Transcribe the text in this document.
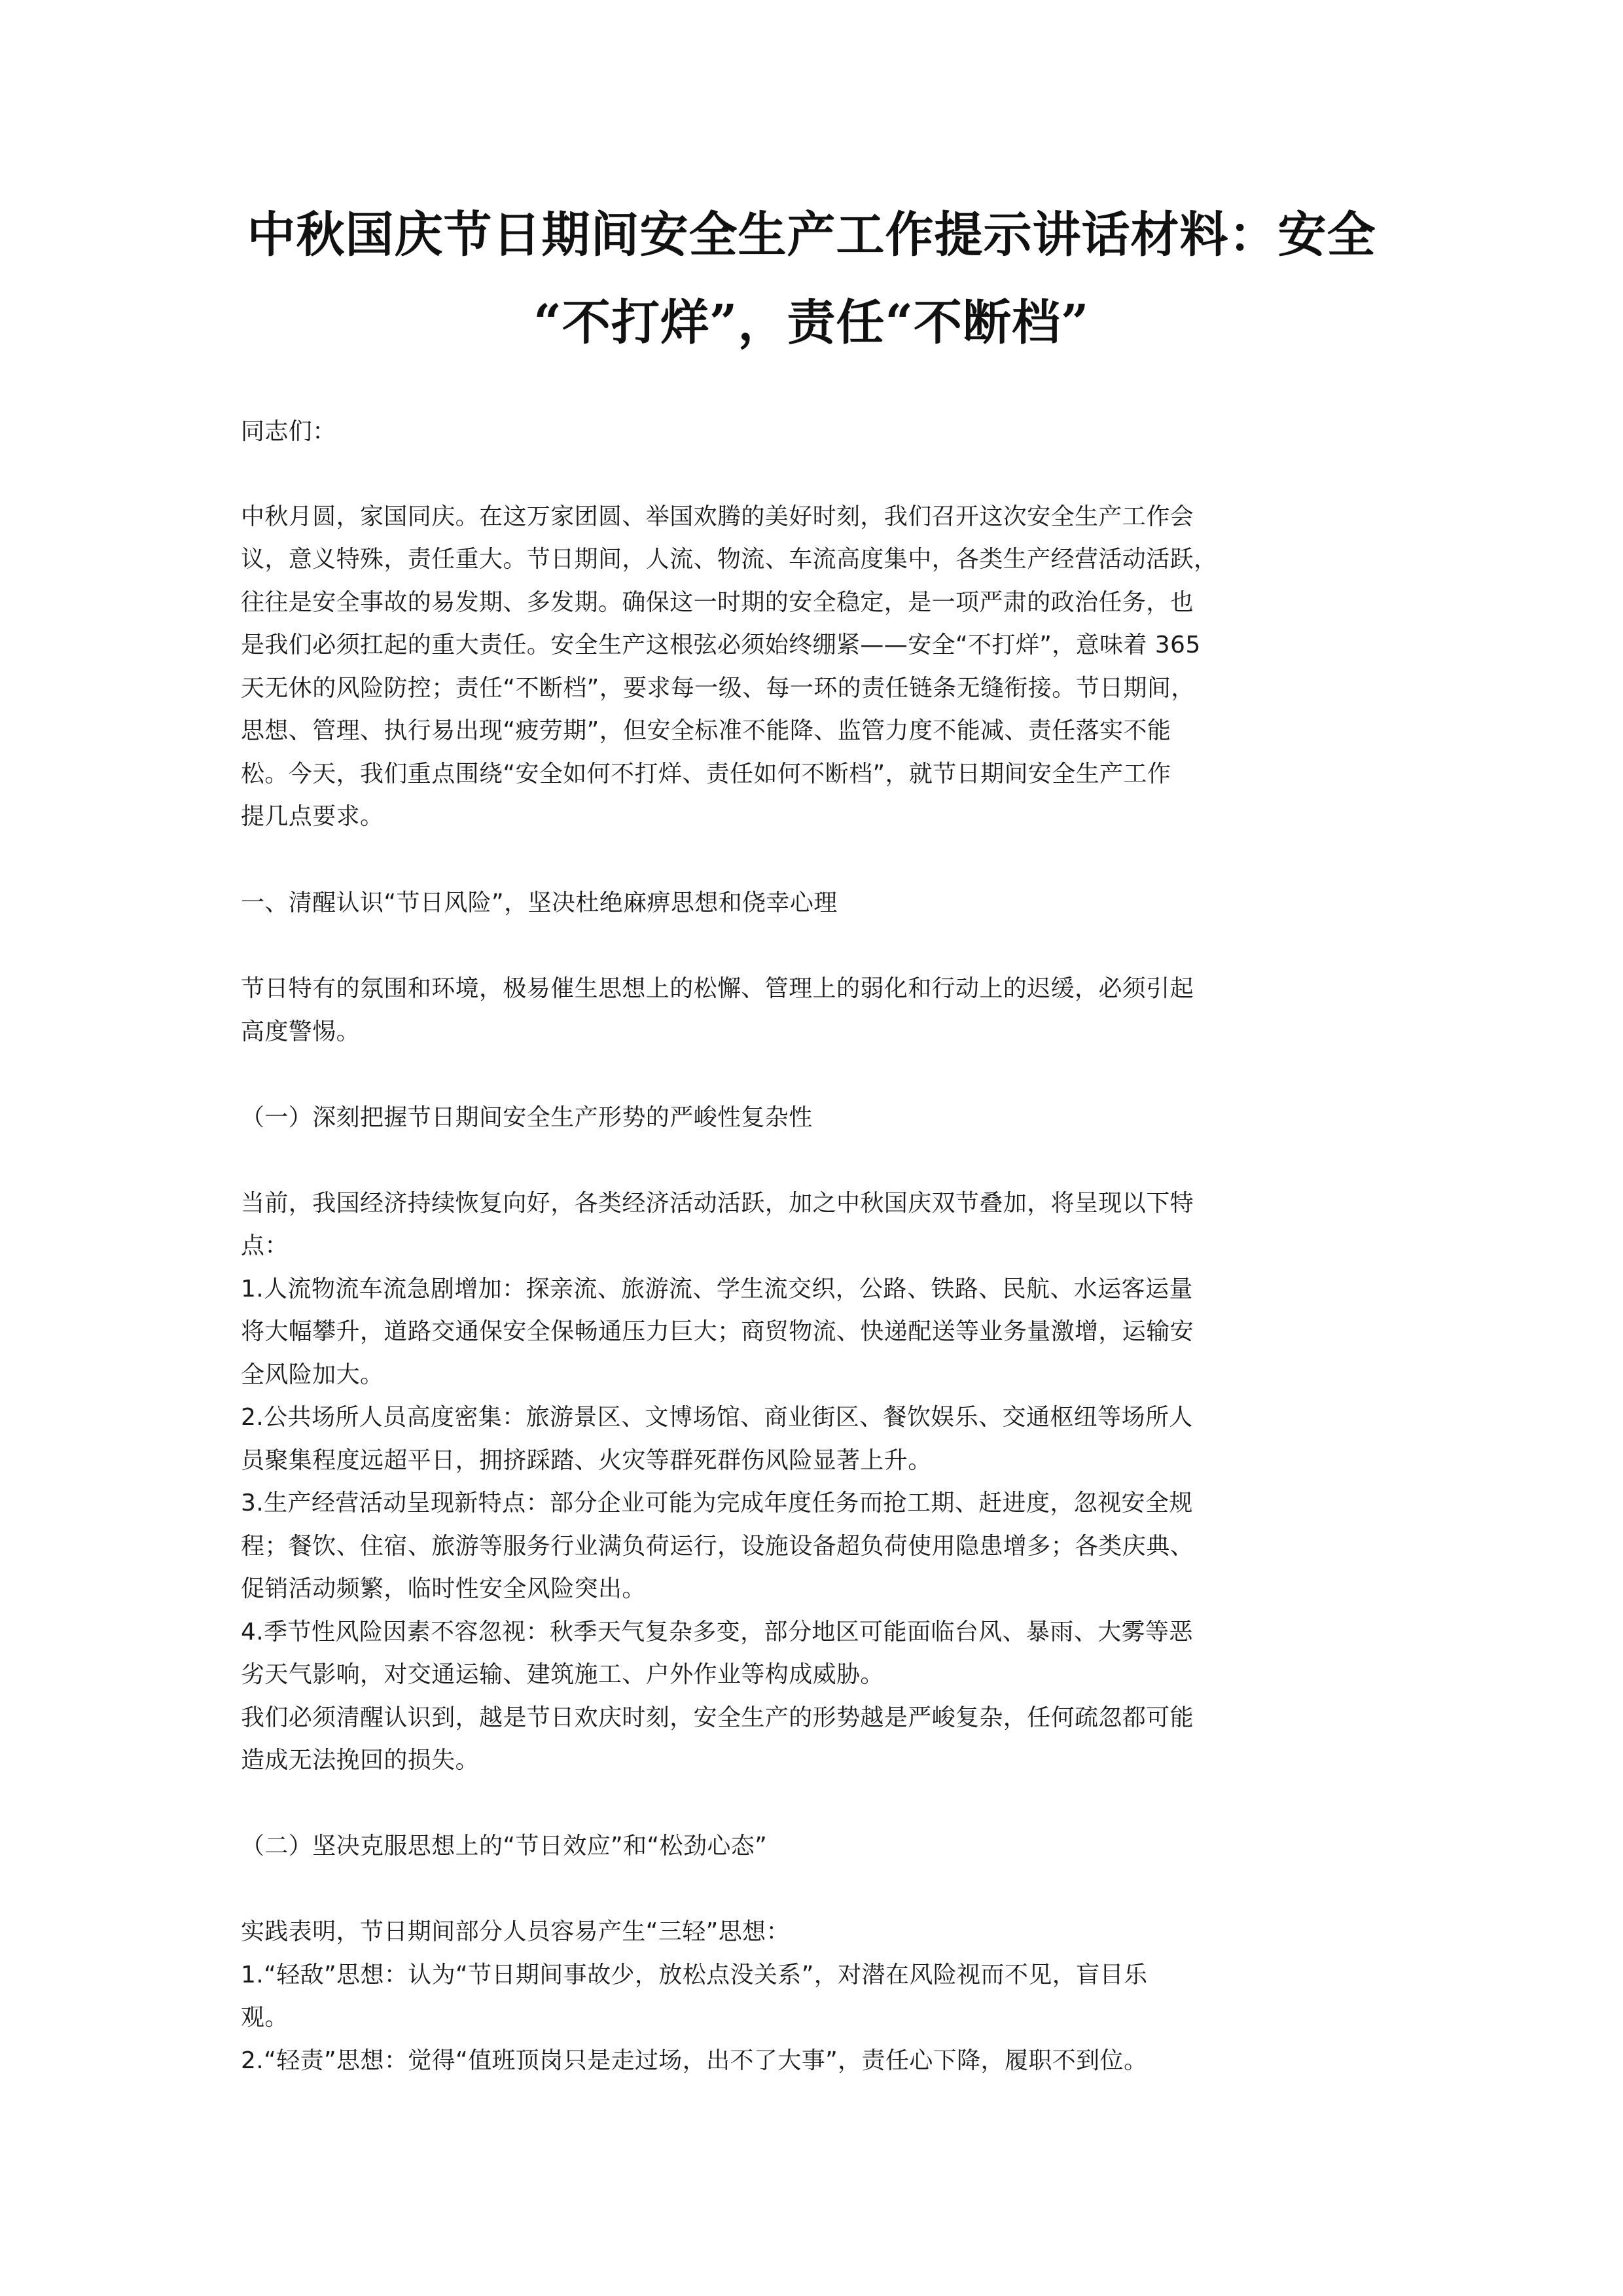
中秋国庆节日期间安全生产工作提示讲话材料：安全
“不打烊”，责任“不断档”
同志们：
中秋月圆，家国同庆。在这万家团圆、举国欢腾的美好时刻，我们召开这次安全生产工作会
议，意义特殊，责任重大。节日期间，人流、物流、车流高度集中，各类生产经营活动活跃，
往往是安全事故的易发期、多发期。确保这一时期的安全稳定，是一项严肃的政治任务，也
是我们必须扛起的重大责任。安全生产这根弦必须始终绷紧——安全“不打烊”，意味着 365
天无休的风险防控；责任“不断档”，要求每一级、每一环的责任链条无缝衔接。节日期间，
思想、管理、执行易出现“疲劳期”，但安全标准不能降、监管力度不能减、责任落实不能
松。今天，我们重点围绕“安全如何不打烊、责任如何不断档”，就节日期间安全生产工作
提几点要求。
一、清醒认识“节日风险”，坚决杜绝麻痹思想和侥幸心理
节日特有的氛围和环境，极易催生思想上的松懈、管理上的弱化和行动上的迟缓，必须引起
高度警惕。
（一）深刻把握节日期间安全生产形势的严峻性复杂性
当前，我国经济持续恢复向好，各类经济活动活跃，加之中秋国庆双节叠加，将呈现以下特
点：
1.人流物流车流急剧增加：探亲流、旅游流、学生流交织，公路、铁路、民航、水运客运量
将大幅攀升，道路交通保安全保畅通压力巨大；商贸物流、快递配送等业务量激增，运输安
全风险加大。
2.公共场所人员高度密集：旅游景区、文博场馆、商业街区、餐饮娱乐、交通枢纽等场所人
员聚集程度远超平日，拥挤踩踏、火灾等群死群伤风险显著上升。
3.生产经营活动呈现新特点：部分企业可能为完成年度任务而抢工期、赶进度，忽视安全规
程；餐饮、住宿、旅游等服务行业满负荷运行，设施设备超负荷使用隐患增多；各类庆典、
促销活动频繁，临时性安全风险突出。
4.季节性风险因素不容忽视：秋季天气复杂多变，部分地区可能面临台风、暴雨、大雾等恶
劣天气影响，对交通运输、建筑施工、户外作业等构成威胁。
我们必须清醒认识到，越是节日欢庆时刻，安全生产的形势越是严峻复杂，任何疏忽都可能
造成无法挽回的损失。
（二）坚决克服思想上的“节日效应”和“松劲心态”
实践表明，节日期间部分人员容易产生“三轻”思想：
1.“轻敌”思想：认为“节日期间事故少，放松点没关系”，对潜在风险视而不见，盲目乐
观。
2.“轻责”思想：觉得“值班顶岗只是走过场，出不了大事”，责任心下降，履职不到位。
